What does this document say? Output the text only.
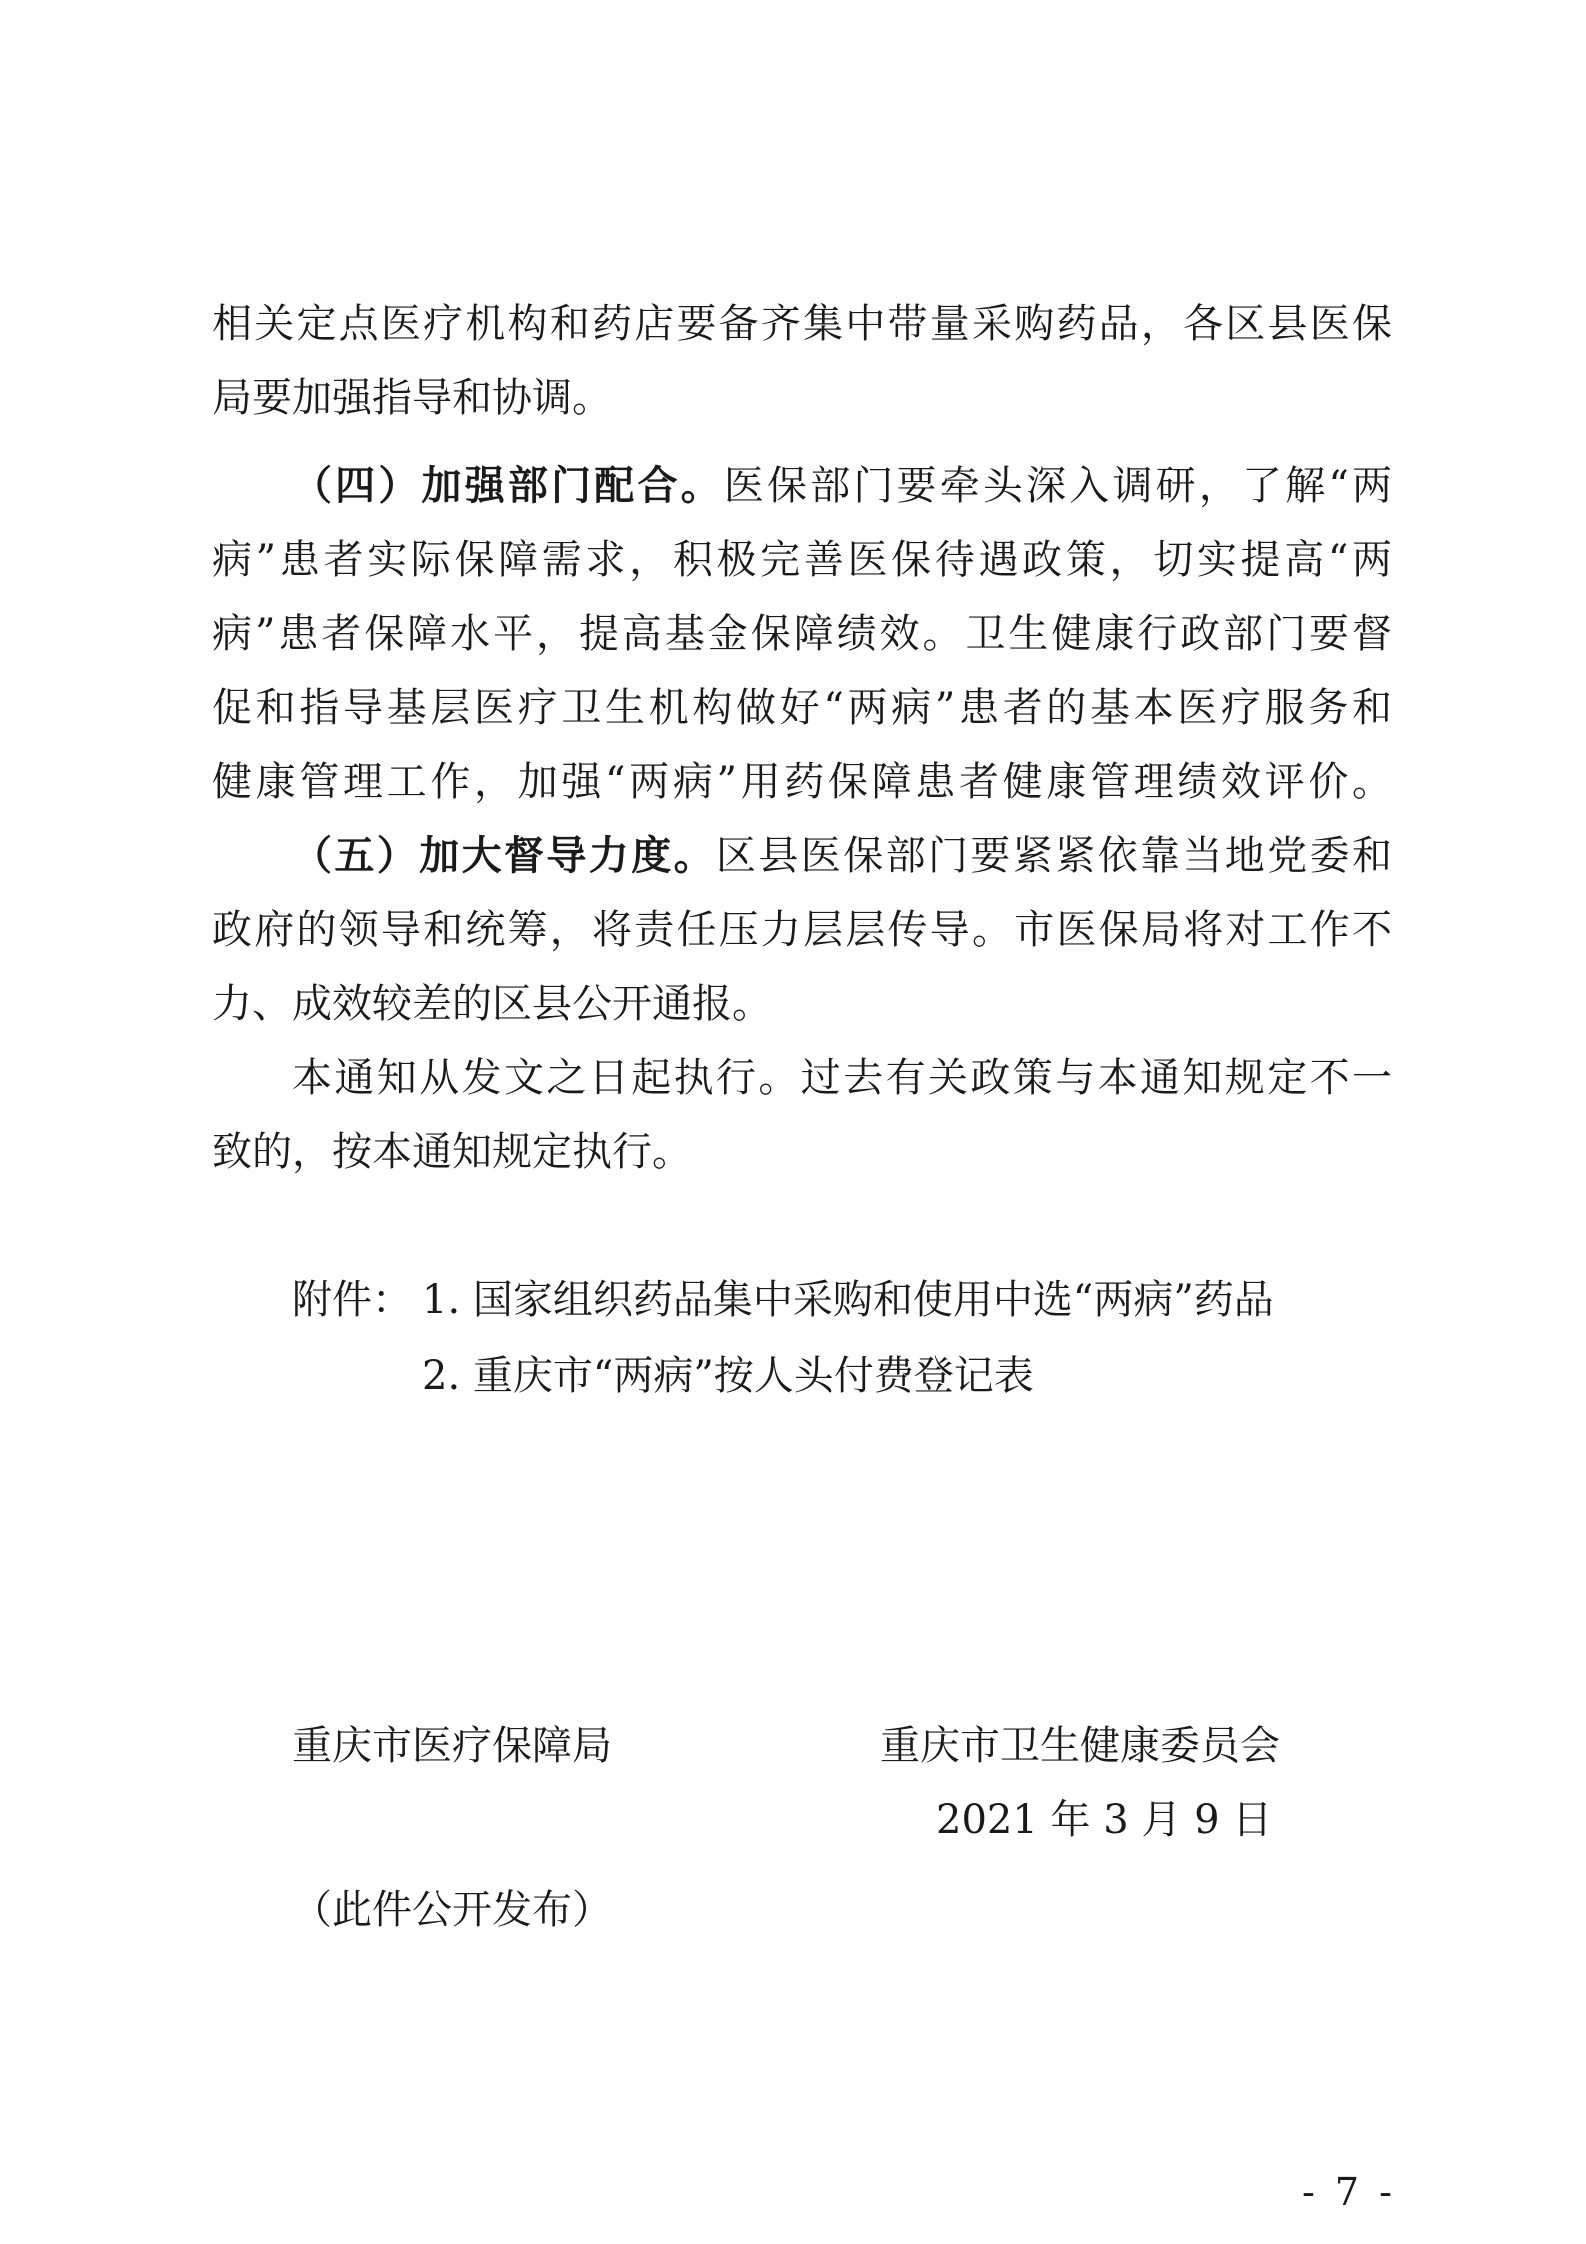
相关定点医疗机构和药店要备齐集中带量采购药品，各区县医保
局要加强指导和协调。
（四）加强部门配合。医保部门要牵头深入调研，了解“两
病”患者实际保障需求，积极完善医保待遇政策，切实提高“两
病”患者保障水平，提高基金保障绩效。卫生健康行政部门要督
促和指导基层医疗卫生机构做好“两病”患者的基本医疗服务和
健康管理工作，加强“两病”用药保障患者健康管理绩效评价。
（五）加大督导力度。区县医保部门要紧紧依靠当地党委和
政府的领导和统筹，将责任压力层层传导。市医保局将对工作不
力、成效较差的区县公开通报。
本通知从发文之日起执行。过去有关政策与本通知规定不一
致的，按本通知规定执行。
附件： 1. 国家组织药品集中采购和使用中选“两病”药品
2. 重庆市“两病”按人头付费登记表
重庆市医疗保障局	重庆市卫生健康委员会
2021 年 3 月 9 日
（此件公开发布）
- 7 -
